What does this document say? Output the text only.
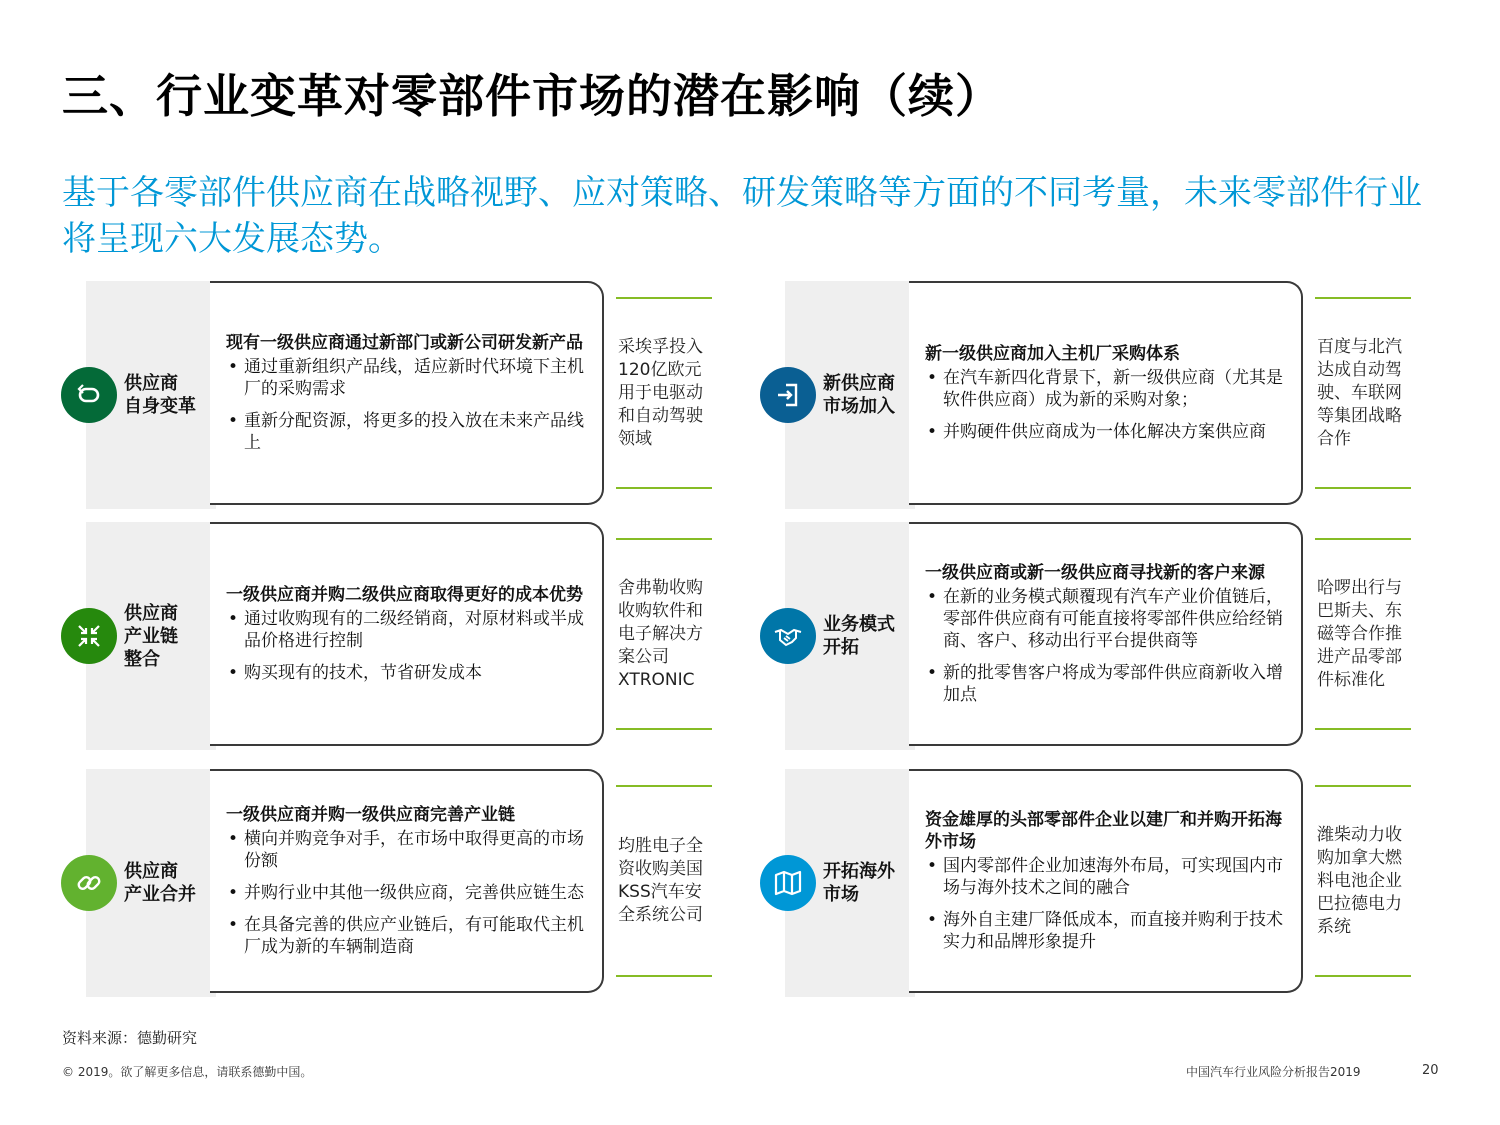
三、行业变革对零部件市场的潜在影响（续）
基于各零部件供应商在战略视野、应对策略、研发策略等方面的不同考量，未来零部件行业将呈现六大发展态势。
供应商
自身变革
现有一级供应商通过新部门或新公司研发新产品
• 通过重新组织产品线，适应新时代环境下主机厂的采购需求
• 重新分配资源，将更多的投入放在未来产品线上
采埃孚投入120亿欧元用于电驱动和自动驾驶领域
新供应商
市场加入
新一级供应商加入主机厂采购体系
• 在汽车新四化背景下，新一级供应商（尤其是软件供应商）成为新的采购对象；
• 并购硬件供应商成为一体化解决方案供应商
百度与北汽达成自动驾驶、车联网等集团战略合作
供应商
产业链
整合
一级供应商并购二级供应商取得更好的成本优势
• 通过收购现有的二级经销商，对原材料或半成品价格进行控制
• 购买现有的技术，节省研发成本
舍弗勒收购收购软件和电子解决方案公司XTRONIC
业务模式
开拓
一级供应商或新一级供应商寻找新的客户来源
• 在新的业务模式颠覆现有汽车产业价值链后，零部件供应商有可能直接将零部件供应给经销商、客户、移动出行平台提供商等
• 新的批零售客户将成为零部件供应商新收入增加点
哈啰出行与巴斯夫、东磁等合作推进产品零部件标准化
供应商
产业合并
一级供应商并购一级供应商完善产业链
• 横向并购竞争对手，在市场中取得更高的市场份额
• 并购行业中其他一级供应商，完善供应链生态
• 在具备完善的供应产业链后，有可能取代主机厂成为新的车辆制造商
均胜电子全资收购美国KSS汽车安全系统公司
开拓海外
市场
资金雄厚的头部零部件企业以建厂和并购开拓海外市场
• 国内零部件企业加速海外布局，可实现国内市场与海外技术之间的融合
• 海外自主建厂降低成本，而直接并购利于技术实力和品牌形象提升
潍柴动力收购加拿大燃料电池企业巴拉德电力系统
资料来源：德勤研究
© 2019。欲了解更多信息，请联系德勤中国。	中国汽车行业风险分析报告2019	20
